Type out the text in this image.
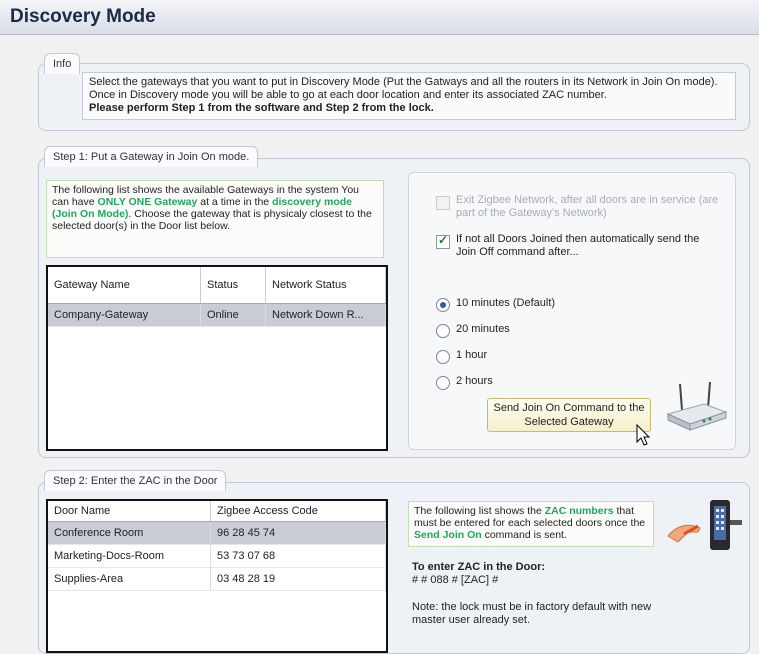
Discovery Mode
Info
Select the gateways that you want to put in Discovery Mode (Put the Gatways and all the routers in its Network in Join On mode). Once in Discovery mode you will be able to go at each door location and enter its associated ZAC number.
Please perform Step 1 from the software and Step 2 from the lock.
Step 1: Put a Gateway in Join On mode.
The following list shows the available Gateways in the system You can have ONLY ONE Gateway at a time in the discovery mode (Join On Mode). Choose the gateway that is physicaly closest to the selected door(s) in the Door list below.
Gateway Name	Status	Network Status
Company-Gateway	Online	Network Down R...
Exit Zigbee Network, after all doors are in service (are part of the Gateway's Network)
✓
If not all Doors Joined then automatically send the Join Off command after...
10 minutes (Default)
20 minutes
1 hour
2 hours
Send Join On Command to the Selected Gateway
Step 2: Enter the ZAC in the Door
Door Name	Zigbee Access Code
Conference Room	96 28 45 74
Marketing-Docs-Room	53 73 07 68
Supplies-Area	03 48 28 19
The following list shows the ZAC numbers that must be entered for each selected doors once the Send Join On command is sent.
To enter ZAC in the Door:
# # 088 # [ZAC] #
Note: the lock must be in factory default with new master user already set.
